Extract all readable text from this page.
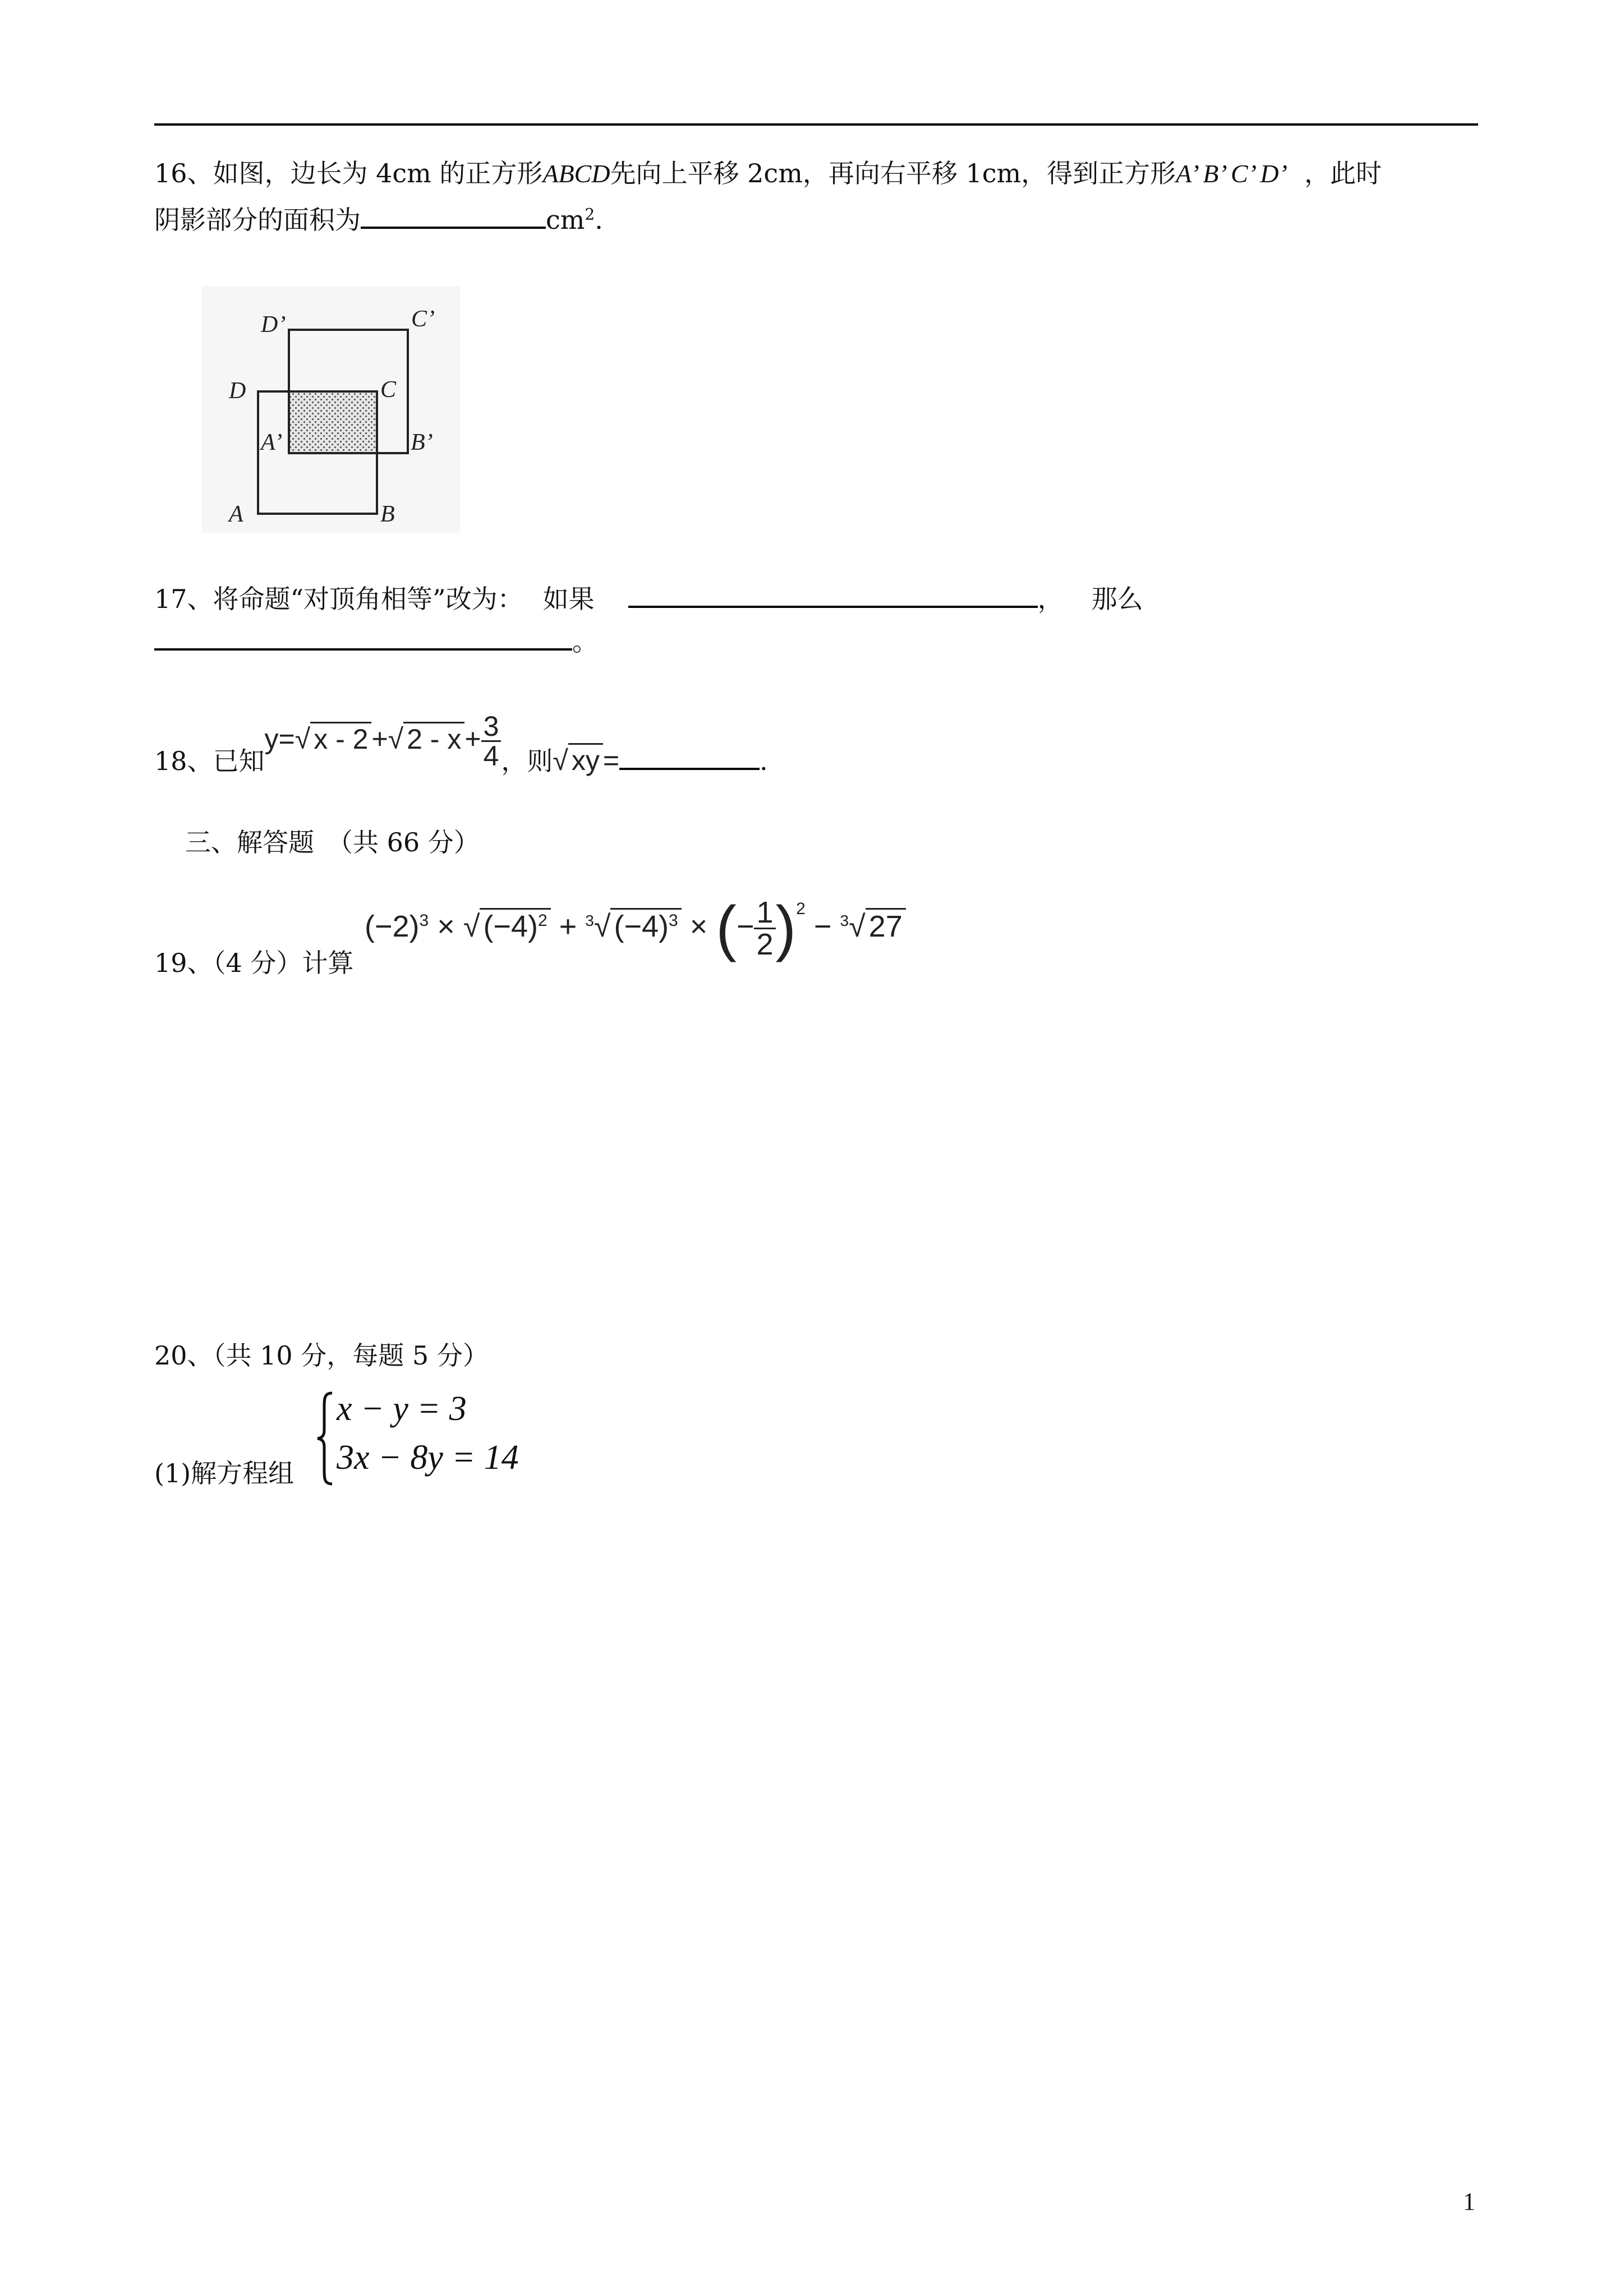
16、如图，边长为 4cm 的正方形ABCD先向上平移 2cm，再向右平移 1cm，得到正方形A’ B’ C’ D’ ，此时
阴影部分的面积为	$cm^2$.
D’	C’
D	C
A’	B’
A	B
17、将命题“对顶角相等”改为： 如果	， 那么
。
18、已知y=√ x - 2 +√ $2 - x + \frac{3}{4}$ ，则√ xy =	.
三、解答题　（共 66 分）
19、（4 分）计算
$(-2)^3$ × √ $(-4)^2 + ^3√$ $(-4)^3$ × (− $\frac{1}{2} )^2 - ^3√$ 27
20、（共 10 分，每题 5 分）
(1)解方程组
x − y = 3
3x − 8y = 14
1
